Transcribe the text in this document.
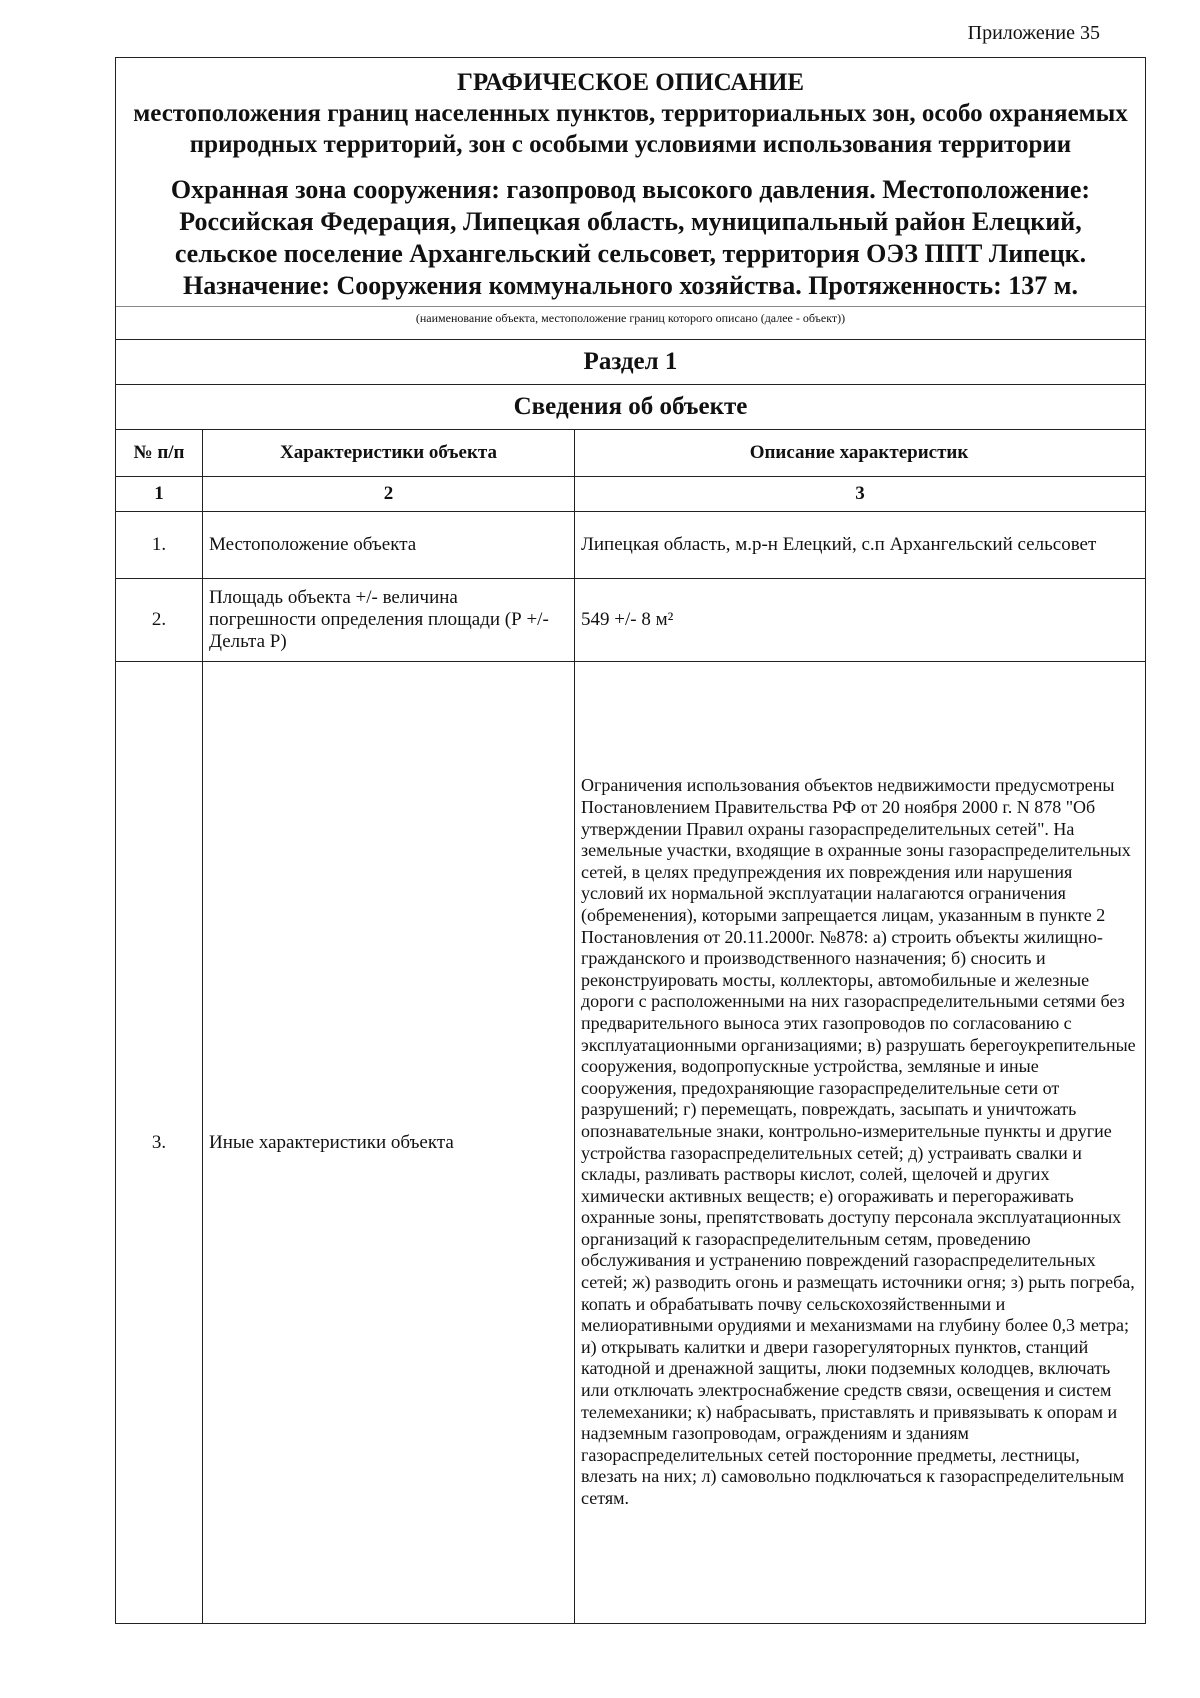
Приложение 35
ГРАФИЧЕСКОЕ ОПИСАНИЕ
местоположения границ населенных пунктов, территориальных зон, особо охраняемых природных территорий, зон с особыми условиями использования территории
Охранная зона сооружения: газопровод высокого давления. Местоположение: Российская Федерация, Липецкая область, муниципальный район Елецкий, сельское поселение Архангельский сельсовет, территория ОЭЗ ППТ Липецк. Назначение: Сооружения коммунального хозяйства. Протяженность: 137 м.
(наименование объекта, местоположение границ которого описано (далее - объект))
Раздел 1
Сведения об объекте
№ п/п	Характеристики объекта	Описание характеристик
1	2	3
1.	Местоположение объекта	Липецкая область, м.р-н Елецкий, с.п Архангельский сельсовет
2.	Площадь объекта +/- величина погрешности определения площади (Р +/- Дельта Р)	549 +/- 8 м²
3.	Иные характеристики объекта	Ограничения использования объектов недвижимости предусмотрены Постановлением Правительства РФ от 20 ноября 2000 г. N 878 "Об утверждении Правил охраны газораспределительных сетей". На земельные участки, входящие в охранные зоны газораспределительных сетей, в целях предупреждения их повреждения или нарушения условий их нормальной эксплуатации налагаются ограничения (обременения), которыми запрещается лицам, указанным в пункте 2 Постановления от 20.11.2000г. №878: а) строить объекты жилищно-гражданского и производственного назначения; б) сносить и реконструировать мосты, коллекторы, автомобильные и железные дороги с расположенными на них газораспределительными сетями без предварительного выноса этих газопроводов по согласованию с эксплуатационными организациями; в) разрушать берегоукрепительные сооружения, водопропускные устройства, земляные и иные сооружения, предохраняющие газораспределительные сети от разрушений; г) перемещать, повреждать, засыпать и уничтожать опознавательные знаки, контрольно-измерительные пункты и другие устройства газораспределительных сетей; д) устраивать свалки и склады, разливать растворы кислот, солей, щелочей и других химически активных веществ; е) огораживать и перегораживать охранные зоны, препятствовать доступу персонала эксплуатационных организаций к газораспределительным сетям, проведению обслуживания и устранению повреждений газораспределительных сетей; ж) разводить огонь и размещать источники огня; з) рыть погреба, копать и обрабатывать почву сельскохозяйственными и мелиоративными орудиями и механизмами на глубину более 0,3 метра; и) открывать калитки и двери газорегуляторных пунктов, станций катодной и дренажной защиты, люки подземных колодцев, включать или отключать электроснабжение средств связи, освещения и систем телемеханики; к) набрасывать, приставлять и привязывать к опорам и надземным газопроводам, ограждениям и зданиям газораспределительных сетей посторонние предметы, лестницы, влезать на них; л) самовольно подключаться к газораспределительным сетям.
